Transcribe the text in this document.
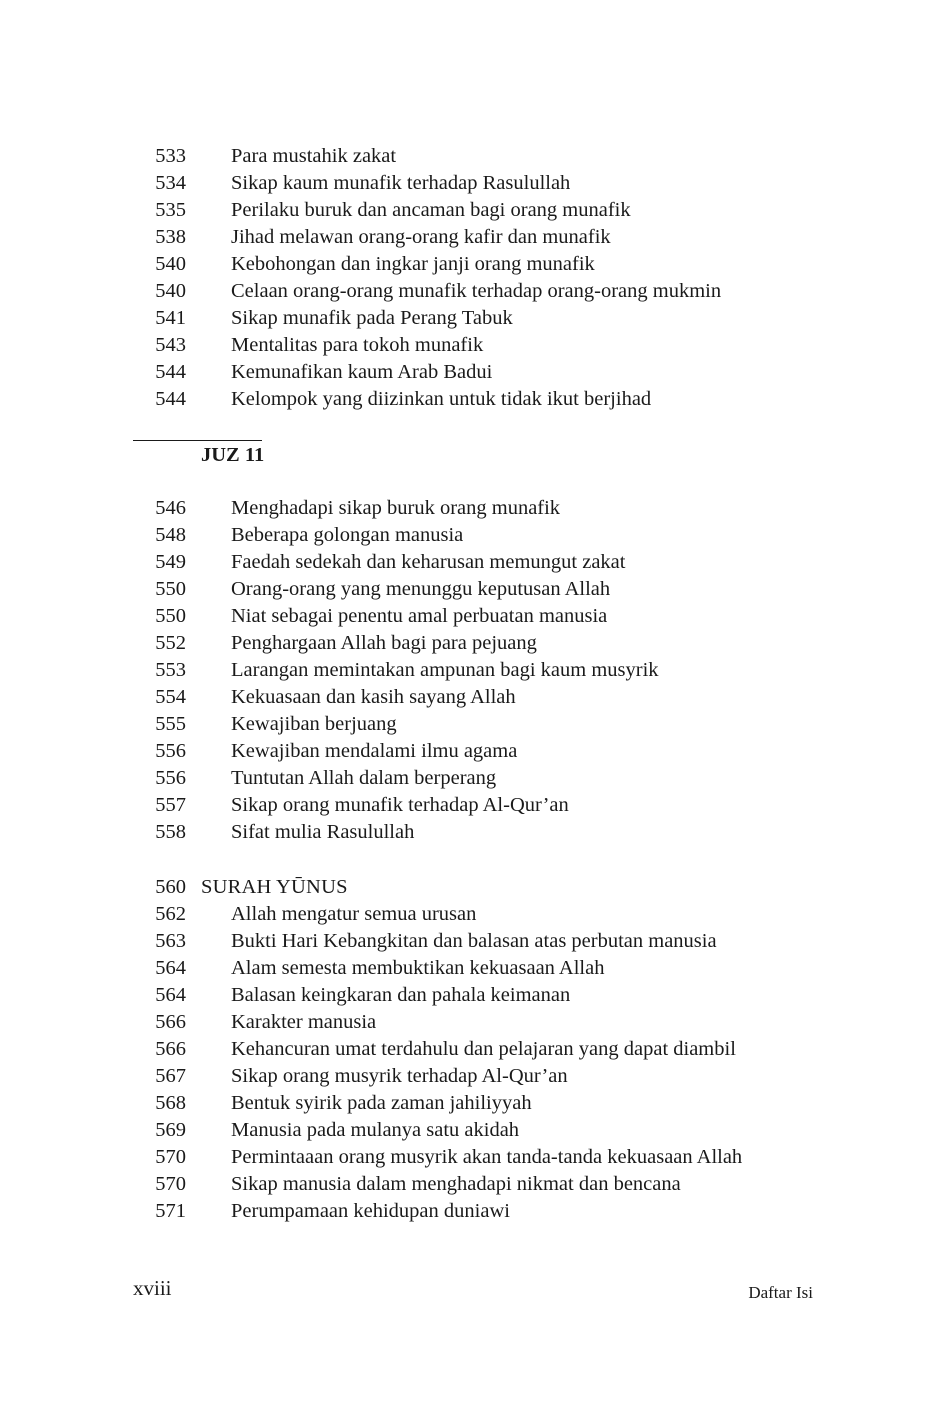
533 Para mustahik zakat
534 Sikap kaum munafik terhadap Rasulullah
535 Perilaku buruk dan ancaman bagi orang munafik
538 Jihad melawan orang-orang kafir dan munafik
540 Kebohongan dan ingkar janji orang munafik
540 Celaan orang-orang munafik terhadap orang-orang mukmin
541 Sikap munafik pada Perang Tabuk
543 Mentalitas para tokoh munafik
544 Kemunafikan kaum Arab Badui
544 Kelompok yang diizinkan untuk tidak ikut berjihad
JUZ 11
546 Menghadapi sikap buruk orang munafik
548 Beberapa golongan manusia
549 Faedah sedekah dan keharusan memungut zakat
550 Orang-orang yang menunggu keputusan Allah
550 Niat sebagai penentu amal perbuatan manusia
552 Penghargaan Allah bagi para pejuang
553 Larangan memintakan ampunan bagi kaum musyrik
554 Kekuasaan dan kasih sayang Allah
555 Kewajiban berjuang
556 Kewajiban mendalami ilmu agama
556 Tuntutan Allah dalam berperang
557 Sikap orang munafik terhadap Al-Qur’an
558 Sifat mulia Rasulullah
560 SURAH YŪNUS
562 Allah mengatur semua urusan
563 Bukti Hari Kebangkitan dan balasan atas perbutan manusia
564 Alam semesta membuktikan kekuasaan Allah
564 Balasan keingkaran dan pahala keimanan
566 Karakter manusia
566 Kehancuran umat terdahulu dan pelajaran yang dapat diambil
567 Sikap orang musyrik terhadap Al-Qur’an
568 Bentuk syirik pada zaman jahiliyyah
569 Manusia pada mulanya satu akidah
570 Permintaaan orang musyrik akan tanda-tanda kekuasaan Allah
570 Sikap manusia dalam menghadapi nikmat dan bencana
571 Perumpamaan kehidupan duniawi
xviii	Daftar Isi
